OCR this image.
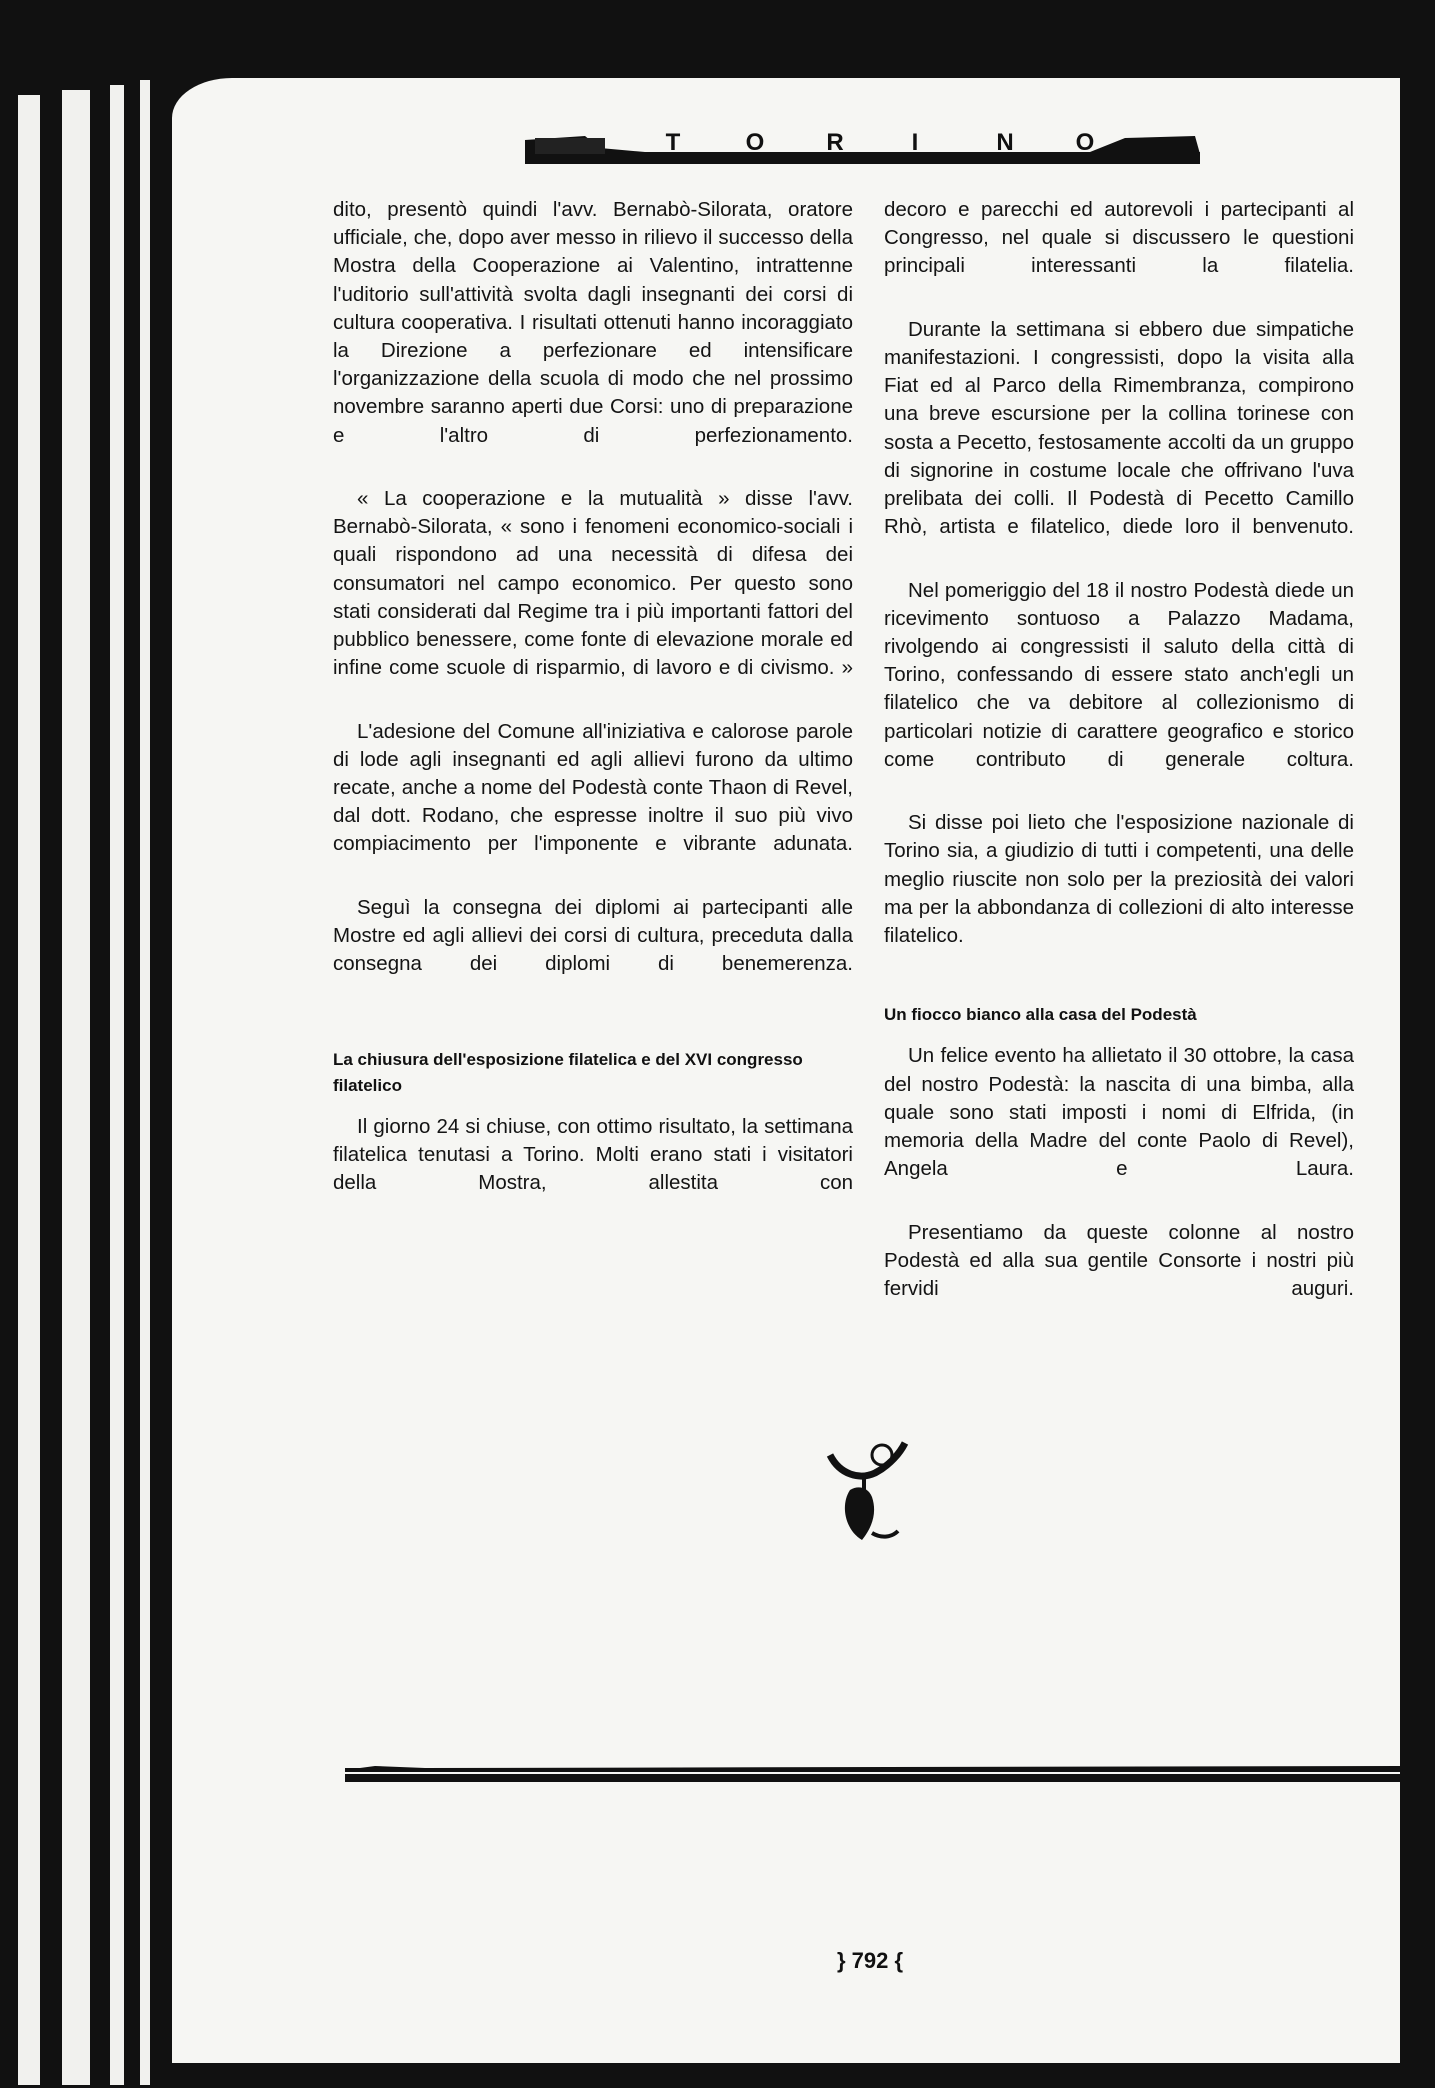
T	O	R	I	N	O

dito, presentò quindi l'avv. Bernabò-Silorata, oratore ufficiale, che, dopo aver messo in rilievo il successo della Mostra della Cooperazione ai Valentino, intrattenne l'uditorio sull'attività svolta dagli insegnanti dei corsi di cultura cooperativa. I risultati ottenuti hanno incoraggiato la Direzione a perfezionare ed intensificare l'organizzazione della scuola di modo che nel prossimo novembre saranno aperti due Corsi: uno di preparazione e l'altro di perfezionamento.

« La cooperazione e la mutualità » disse l'avv. Bernabò-Silorata, « sono i fenomeni economico-sociali i quali rispondono ad una necessità di difesa dei consumatori nel campo economico. Per questo sono stati considerati dal Regime tra i più importanti fattori del pubblico benessere, come fonte di elevazione morale ed infine come scuole di risparmio, di lavoro e di civismo. »

L'adesione del Comune all'iniziativa e calorose parole di lode agli insegnanti ed agli allievi furono da ultimo recate, anche a nome del Podestà conte Thaon di Revel, dal dott. Rodano, che espresse inoltre il suo più vivo compiacimento per l'imponente e vibrante adunata.

Seguì la consegna dei diplomi ai partecipanti alle Mostre ed agli allievi dei corsi di cultura, preceduta dalla consegna dei diplomi di benemerenza.

La chiusura dell'esposizione filatelica e del XVI congresso filatelico

Il giorno 24 si chiuse, con ottimo risultato, la settimana filatelica tenutasi a Torino. Molti erano stati i visitatori della Mostra, allestita con

decoro e parecchi ed autorevoli i partecipanti al Congresso, nel quale si discussero le questioni principali interessanti la filatelia.

Durante la settimana si ebbero due simpatiche manifestazioni. I congressisti, dopo la visita alla Fiat ed al Parco della Rimembranza, compirono una breve escursione per la collina torinese con sosta a Pecetto, festosamente accolti da un gruppo di signorine in costume locale che offrivano l'uva prelibata dei colli. Il Podestà di Pecetto Camillo Rhò, artista e filatelico, diede loro il benvenuto.

Nel pomeriggio del 18 il nostro Podestà diede un ricevimento sontuoso a Palazzo Madama, rivolgendo ai congressisti il saluto della città di Torino, confessando di essere stato anch'egli un filatelico che va debitore al collezionismo di particolari notizie di carattere geografico e storico come contributo di generale coltura.

Si disse poi lieto che l'esposizione nazionale di Torino sia, a giudizio di tutti i competenti, una delle meglio riuscite non solo per la preziosità dei valori ma per la abbondanza di collezioni di alto interesse filatelico.

Un fiocco bianco alla casa del Podestà

Un felice evento ha allietato il 30 ottobre, la casa del nostro Podestà: la nascita di una bimba, alla quale sono stati imposti i nomi di Elfrida, (in memoria della Madre del conte Paolo di Revel), Angela e Laura.

Presentiamo da queste colonne al nostro Podestà ed alla sua gentile Consorte i nostri più fervidi auguri.

} 792 {
